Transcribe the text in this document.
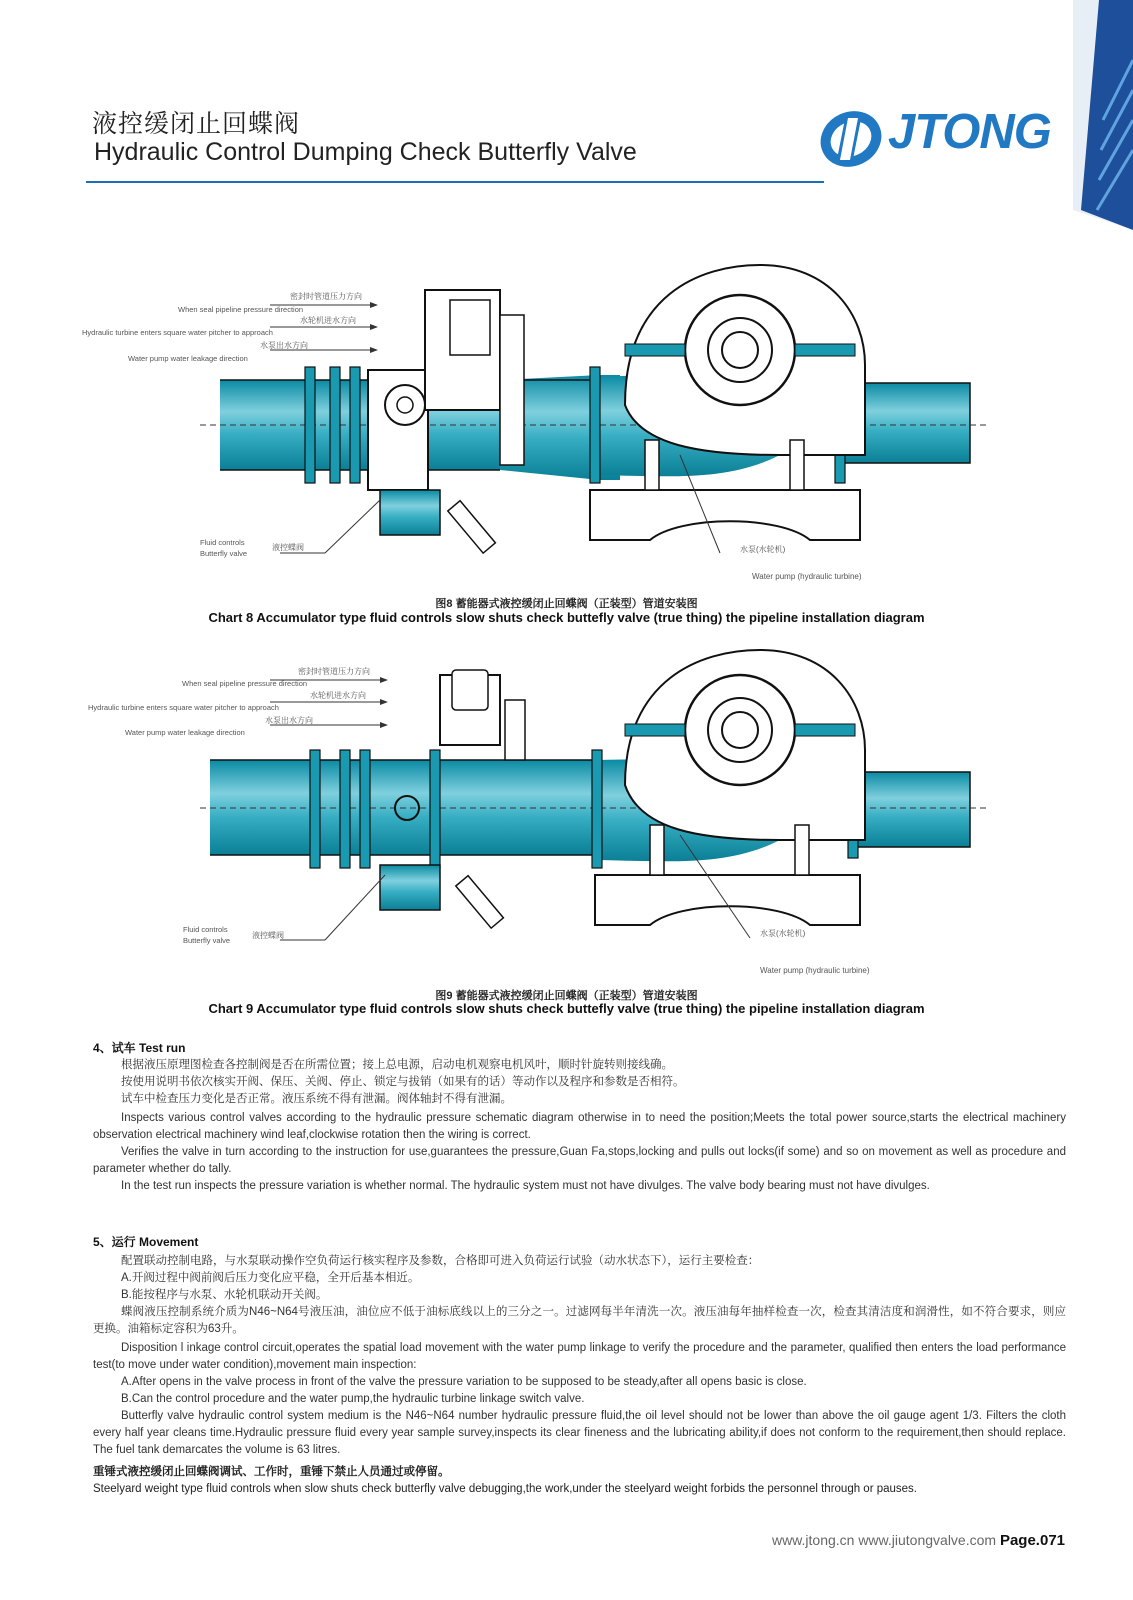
液控缓闭止回蝶阀
Hydraulic Control Dumping Check Butterfly Valve	JTONG
密封时管道压力方向
When seal pipeline pressure direction
水轮机进水方向
Hydraulic turbine enters square water pitcher to approach
水泵出水方向
Water pump water leakage direction
Fluid controls
Butterfly valve
液控蝶阀	水泵(水轮机)
图8 蓄能器式液控缓闭止回蝶阀（正装型）管道安装图
Chart 8 Accumulator type fluid controls slow shuts check buttefly valve (true thing) the pipeline installation diagram
Water pump (hydraulic turbine)
密封时管道压力方向
When seal pipeline pressure direction
水轮机进水方向
Hydraulic turbine enters square water pitcher to approach
水泵出水方向
Water pump water leakage direction
Fluid controls
Butterfly valve
液控蝶阀	水泵(水轮机)
Water pump (hydraulic turbine)
图9 蓄能器式液控缓闭止回蝶阀（正装型）管道安装图
Chart 9 Accumulator type fluid controls slow shuts check buttefly valve (true thing) the pipeline installation diagram
4、试车 Test run

根据液压原理图检查各控制阀是否在所需位置；接上总电源，启动电机观察电机风叶，顺时针旋转则接线确。

按使用说明书依次核实开阀、保压、关阀、停止、锁定与拔销（如果有的话）等动作以及程序和参数是否相符。

试车中检查压力变化是否正常。液压系统不得有泄漏。阀体轴封不得有泄漏。

Inspects various control valves according to the hydraulic pressure schematic diagram otherwise in to need the position;Meets the total power source,starts the electrical machinery observation electrical machinery wind leaf,clockwise rotation then the wiring is correct.

Verifies the valve in turn according to the instruction for use,guarantees the pressure,Guan Fa,stops,locking and pulls out locks(if some) and so on movement as well as procedure and parameter whether do tally.

In the test run inspects the pressure variation is whether normal. The hydraulic system must not have divulges. The valve body bearing must not have divulges.

5、运行 Movement

配置联动控制电路，与水泵联动操作空负荷运行核实程序及参数，合格即可进入负荷运行试验（动水状态下），运行主要检查：

A.开阀过程中阀前阀后压力变化应平稳，全开后基本相近。

B.能按程序与水泵、水轮机联动开关阀。

蝶阀液压控制系统介质为N46~N64号液压油，油位应不低于油标底线以上的三分之一。过滤网每半年清洗一次。液压油每年抽样检查一次，检查其清洁度和润滑性，如不符合要求，则应更换。油箱标定容积为63升。

Disposition l inkage control circuit,operates the spatial load movement with the water pump linkage to verify the procedure and the parameter, qualified then enters the load performance test(to move under water condition),movement main inspection:

A.After opens in the valve process in front of the valve the pressure variation to be supposed to be steady,after all opens basic is close.

B.Can the control procedure and the water pump,the hydraulic turbine linkage switch valve.

Butterfly valve hydraulic control system medium is the N46~N64 number hydraulic pressure fluid,the oil level should not be lower than above the oil gauge agent 1/3. Filters the cloth every half year cleans time.Hydraulic pressure fluid every year sample survey,inspects its clear fineness and the lubricating ability,if does not conform to the requirement,then should replace. The fuel tank demarcates the volume is 63 litres.

重锤式液控缓闭止回蝶阀调试、工作时，重锤下禁止人员通过或停留。
Steelyard weight type fluid controls when slow shuts check butterfly valve debugging,the work,under the steelyard weight forbids the personnel through or pauses.
www.jtong.cn www.jiutongvalve.com Page.071
